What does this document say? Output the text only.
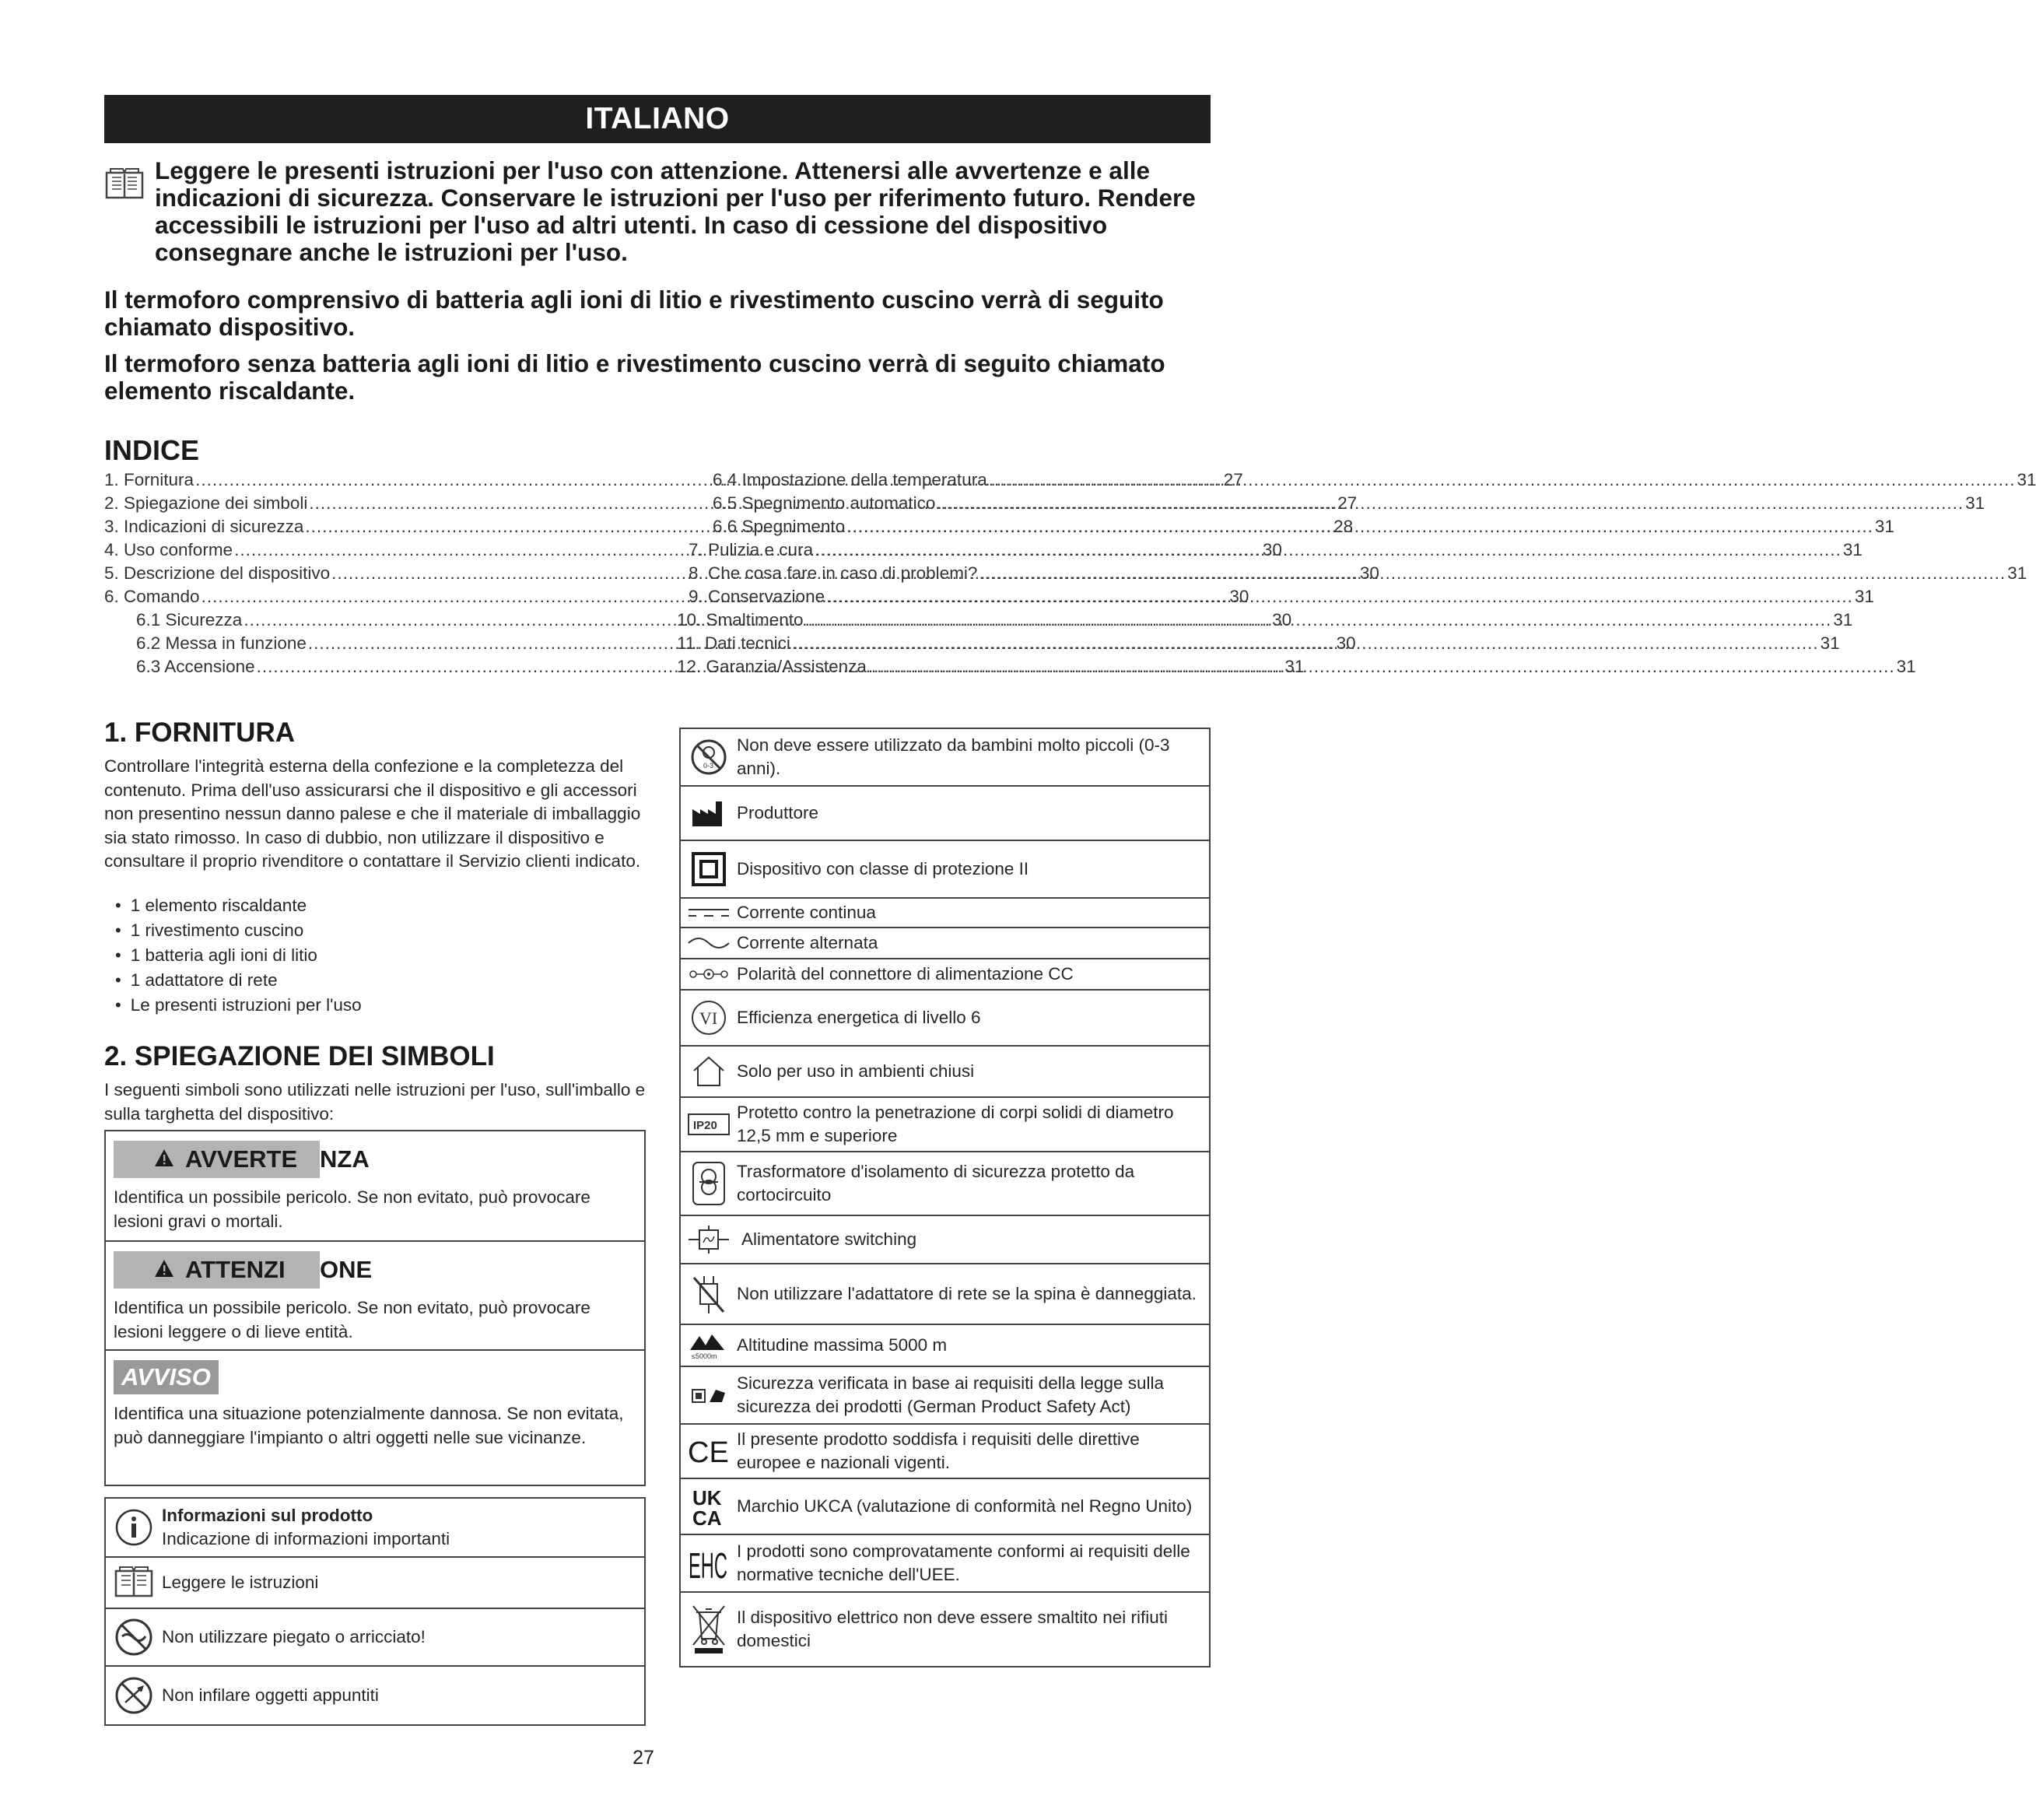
ITALIANO
Leggere le presenti istruzioni per l'uso con attenzione. Attenersi alle avvertenze e alle indicazioni di sicurezza. Conservare le istruzioni per l'uso per riferimento futuro. Rendere accessibili le istruzioni per l'uso ad altri utenti. In caso di cessione del dispositivo consegnare anche le istruzioni per l'uso.
Il termoforo comprensivo di batteria agli ioni di litio e rivestimento cuscino verrà di seguito chiamato dispositivo.
Il termoforo senza batteria agli ioni di litio e rivestimento cuscino verrà di seguito chiamato elemento riscaldante.
INDICE
1. Fornitura .....	27
2. Spiegazione dei simboli .....	27
3. Indicazioni di sicurezza .....	28
4. Uso conforme .....	30
5. Descrizione del dispositivo .....	30
6. Comando .....	30
6.1 Sicurezza .....	30
6.2 Messa in funzione .....	30
6.3 Accensione .....	31
6.4 Impostazione della temperatura .....	31
6.5 Spegnimento automatico .....	31
6.6 Spegnimento .....	31
7. Pulizia e cura .....	31
8. Che cosa fare in caso di problemi? .....	31
9. Conservazione .....	31
10. Smaltimento .....	31
11. Dati tecnici .....	31
12. Garanzia/Assistenza .....	31
1. FORNITURA
Controllare l'integrità esterna della confezione e la completezza del contenuto. Prima dell'uso assicurarsi che il dispositivo e gli accessori non presentino nessun danno palese e che il materiale di imballaggio sia stato rimosso. In caso di dubbio, non utilizzare il dispositivo e consultare il proprio rivenditore o contattare il Servizio clienti indicato.
• 1 elemento riscaldante
• 1 rivestimento cuscino
• 1 batteria agli ioni di litio
• 1 adattatore di rete
• Le presenti istruzioni per l'uso
2. SPIEGAZIONE DEI SIMBOLI
I seguenti simboli sono utilizzati nelle istruzioni per l'uso, sull'imballo e sulla targhetta del dispositivo:
AVVERTE NZA
Identifica un possibile pericolo. Se non evitato, può provocare lesioni gravi o mortali.
ATTENZI ONE
Identifica un possibile pericolo. Se non evitato, può provocare lesioni leggere o di lieve entità.
AVVISO
Identifica una situazione potenzialmente dannosa. Se non evitata, può danneggiare l'impianto o altri oggetti nelle sue vicinanze.
Informazioni sul prodotto
Indicazione di informazioni importanti
Leggere le istruzioni
Non utilizzare piegato o arricciato!
Non infilare oggetti appuntiti
0-3
Non deve essere utilizzato da bambini molto piccoli (0-3 anni).
Produttore
Dispositivo con classe di protezione II
Corrente continua
Corrente alternata
Polarità del connettore di alimentazione CC
VI Efficienza energetica di livello 6
Solo per uso in ambienti chiusi
IP20
Protetto contro la penetrazione di corpi solidi di diametro 12,5 mm e superiore
Trasformatore d'isolamento di sicurezza protetto da cortocircuito
Alimentatore switching
Non utilizzare l'adattatore di rete se la spina è danneggiata.
≤5000m
Altitudine massima 5000 m
Sicurezza verificata in base ai requisiti della legge sulla sicurezza dei prodotti (German Product Safety Act)
CE Il presente prodotto soddisfa i requisiti delle direttive europee e nazionali vigenti.
UK
CA
Marchio UKCA (valutazione di conformità nel Regno Unito)
EHC I prodotti sono comprovatamente conformi ai requisiti delle normative tecniche dell'UEE.
Il dispositivo elettrico non deve essere smaltito nei rifiuti domestici
27
